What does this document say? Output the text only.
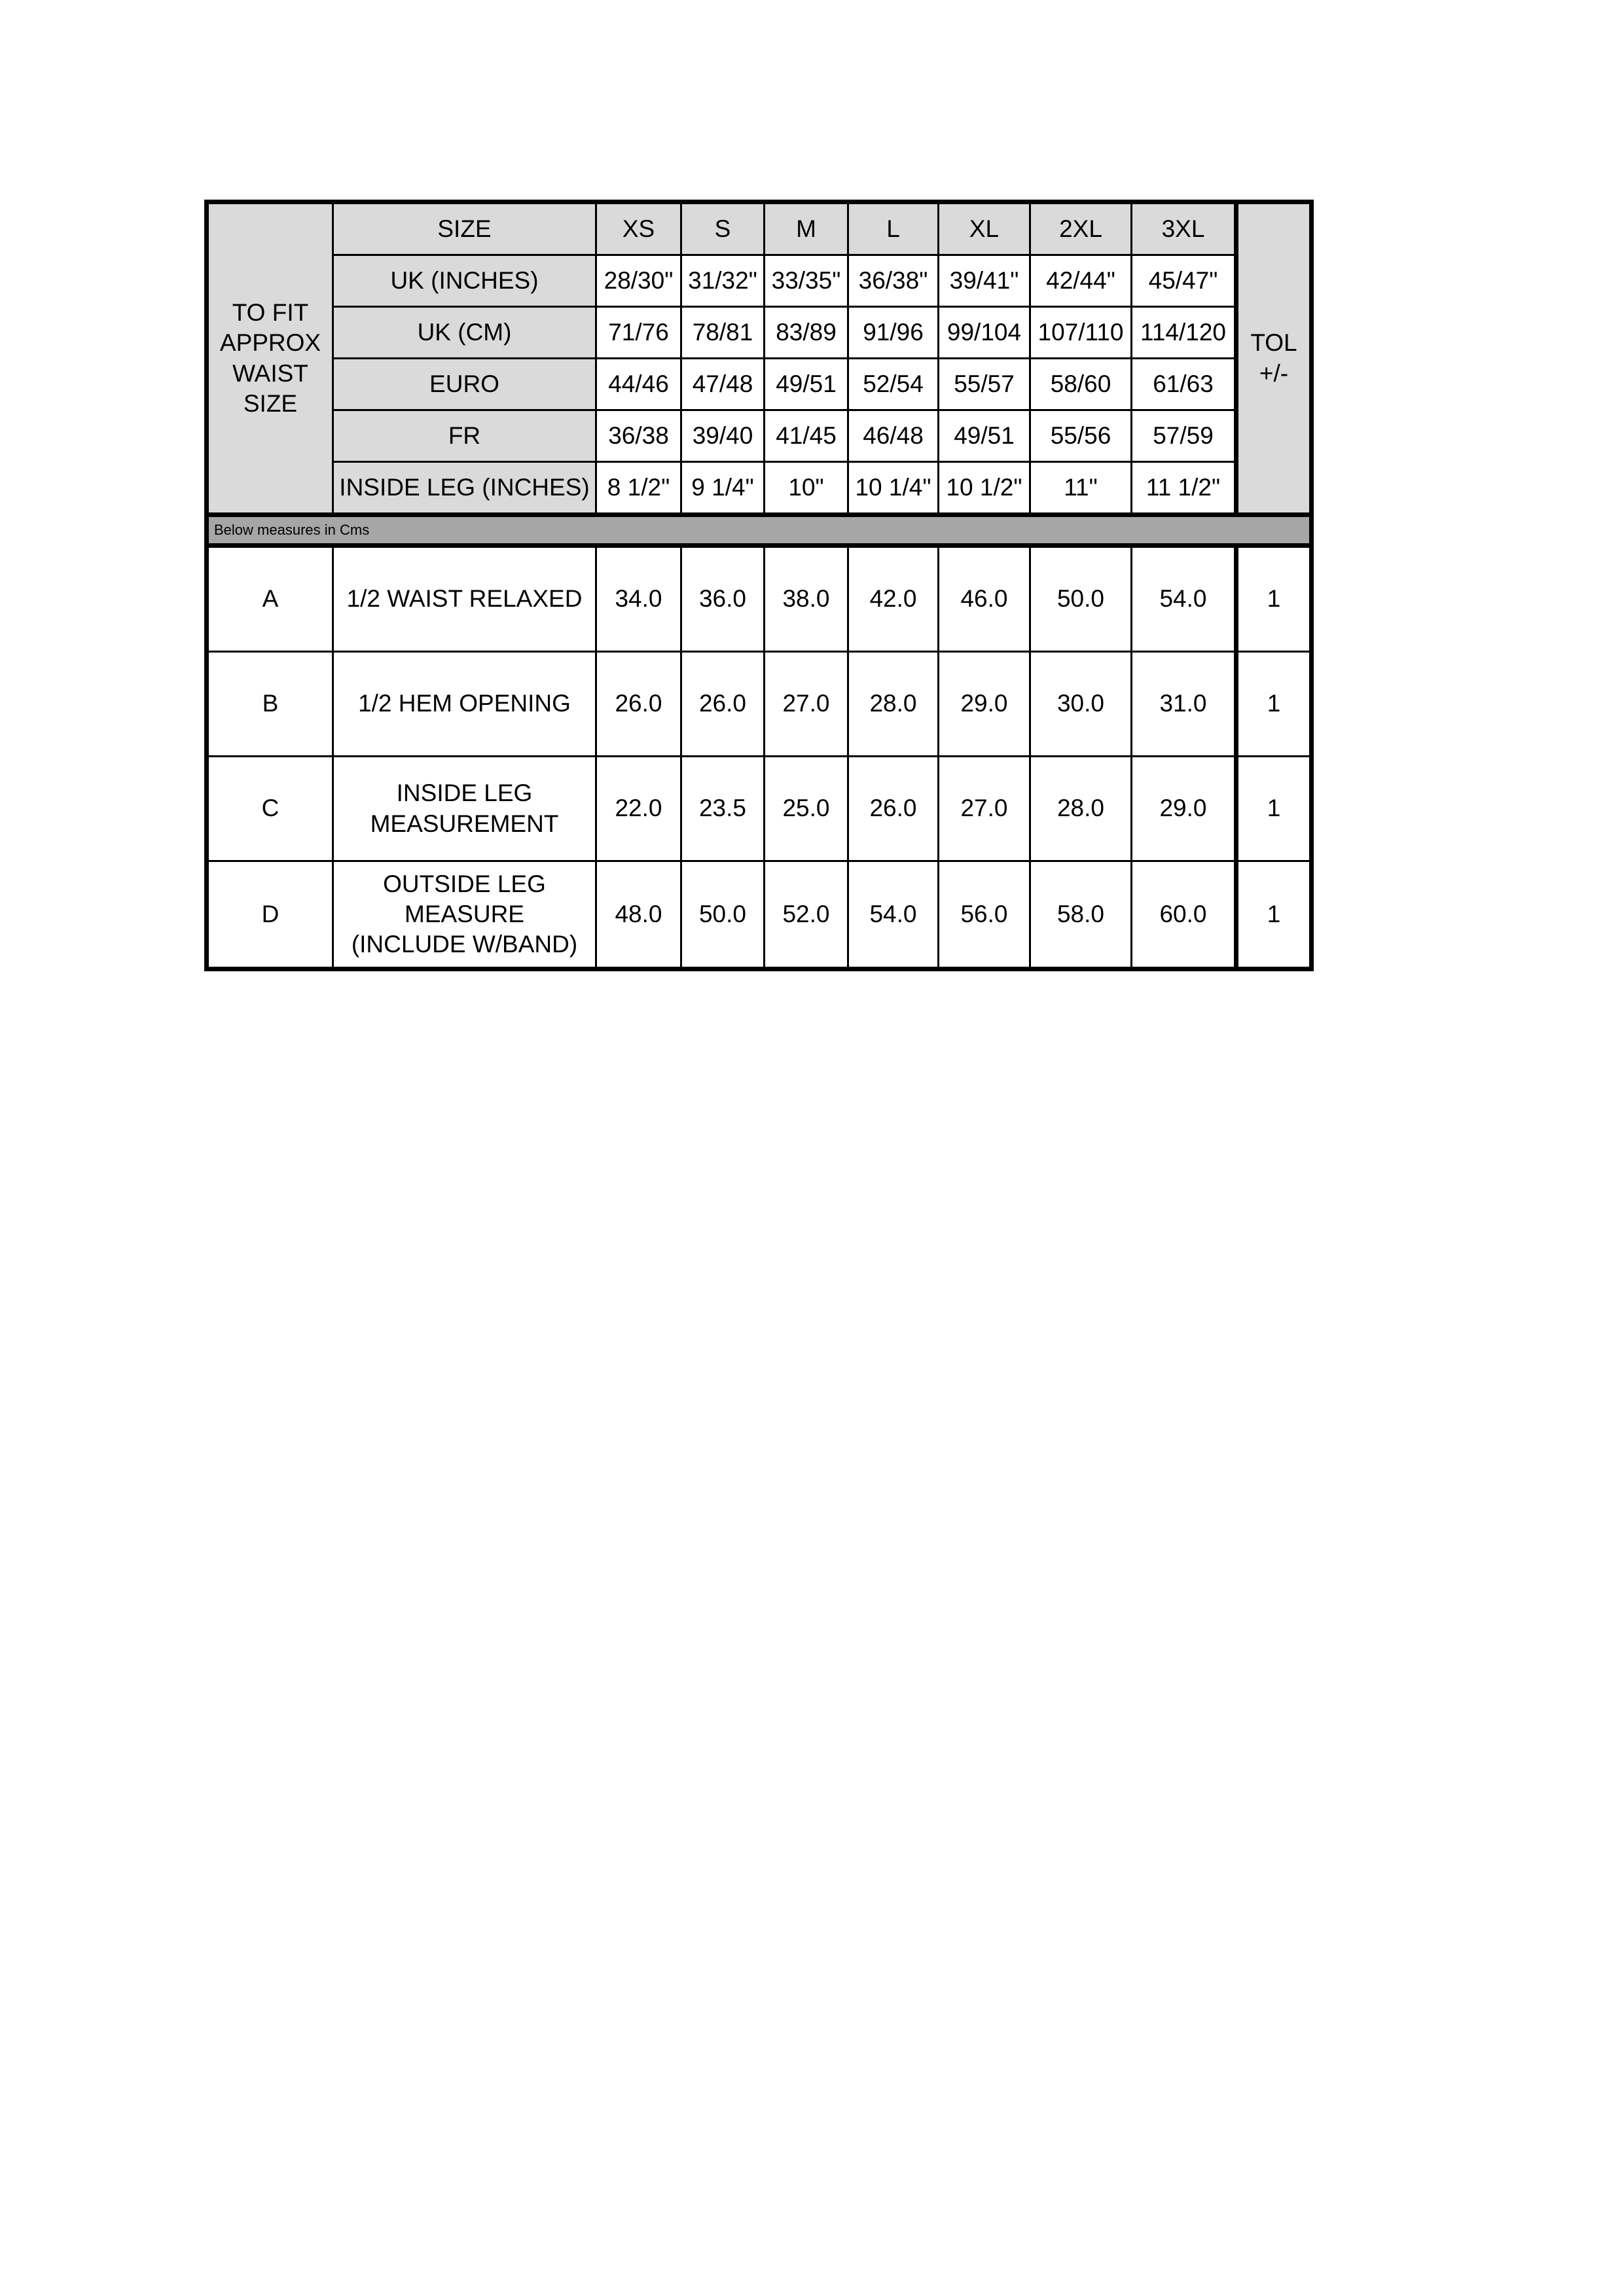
TO FIT APPROX WAIST SIZE	SIZE	XS	S	M	L	XL	2XL	3XL	TOL +/-
	UK (INCHES)	28/30"	31/32"	33/35"	36/38"	39/41"	42/44"	45/47"	
	UK (CM)	71/76	78/81	83/89	91/96	99/104	107/110	114/120	
	EURO	44/46	47/48	49/51	52/54	55/57	58/60	61/63	
	FR	36/38	39/40	41/45	46/48	49/51	55/56	57/59	
	INSIDE LEG (INCHES)	8 1/2"	9 1/4"	10"	10 1/4"	10 1/2"	11"	11 1/2"	
Below measures in Cms									
A	1/2 WAIST RELAXED	34.0	36.0	38.0	42.0	46.0	50.0	54.0	1
B	1/2 HEM OPENING	26.0	26.0	27.0	28.0	29.0	30.0	31.0	1
C	INSIDE LEG MEASUREMENT	22.0	23.5	25.0	26.0	27.0	28.0	29.0	1
D	OUTSIDE LEG MEASURE (INCLUDE W/BAND)	48.0	50.0	52.0	54.0	56.0	58.0	60.0	1
